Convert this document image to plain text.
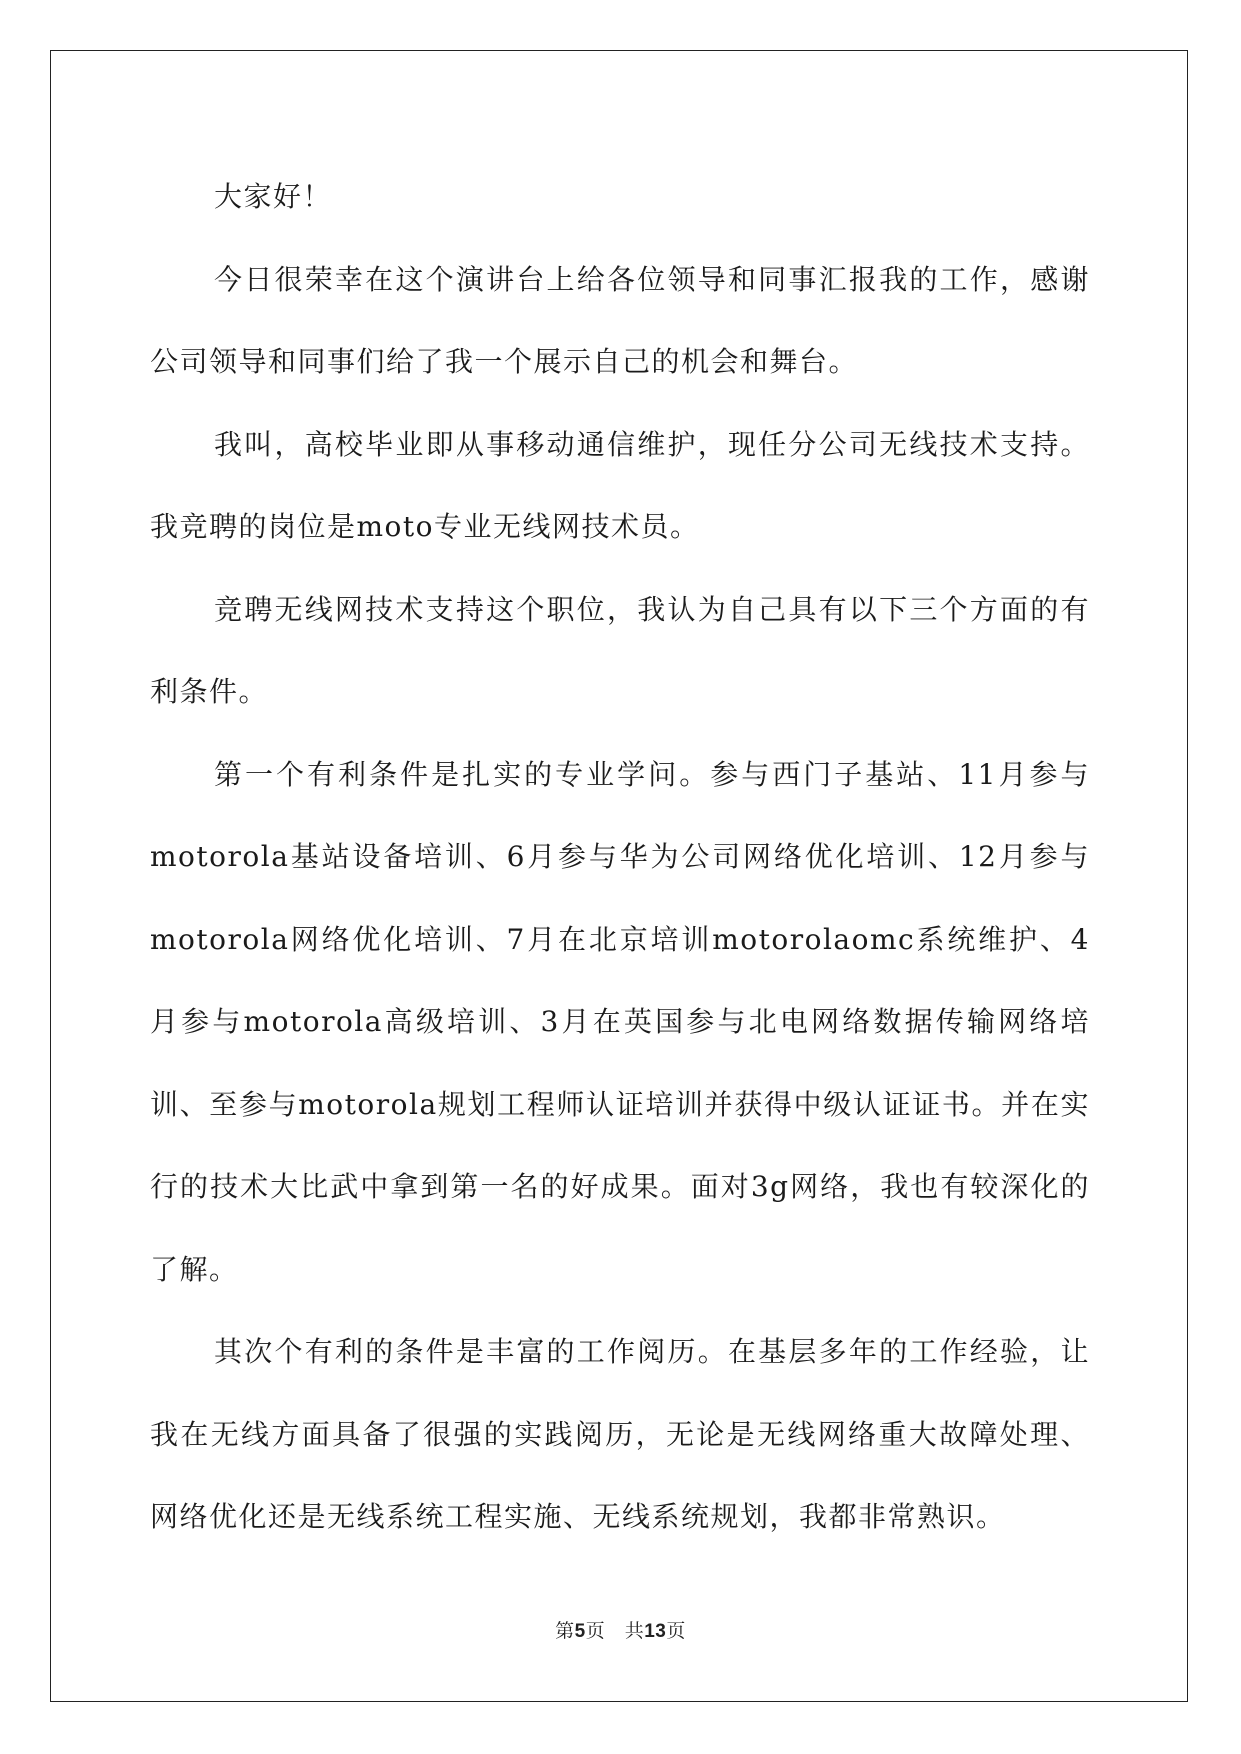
大家好！

今日很荣幸在这个演讲台上给各位领导和同事汇报我的工作，感谢公司领导和同事们给了我一个展示自己的机会和舞台。

我叫，高校毕业即从事移动通信维护，现任分公司无线技术支持。我竞聘的岗位是moto专业无线网技术员。

竞聘无线网技术支持这个职位，我认为自己具有以下三个方面的有利条件。

第一个有利条件是扎实的专业学问。参与西门子基站、11月参与motorola基站设备培训、6月参与华为公司网络优化培训、12月参与motorola网络优化培训、7月在北京培训motorolaomc系统维护、4月参与motorola高级培训、3月在英国参与北电网络数据传输网络培训、至参与motorola规划工程师认证培训并获得中级认证证书。并在实行的技术大比武中拿到第一名的好成果。面对3g网络，我也有较深化的了解。

其次个有利的条件是丰富的工作阅历。在基层多年的工作经验，让我在无线方面具备了很强的实践阅历，无论是无线网络重大故障处理、网络优化还是无线系统工程实施、无线系统规划，我都非常熟识。

第5页　共13页
